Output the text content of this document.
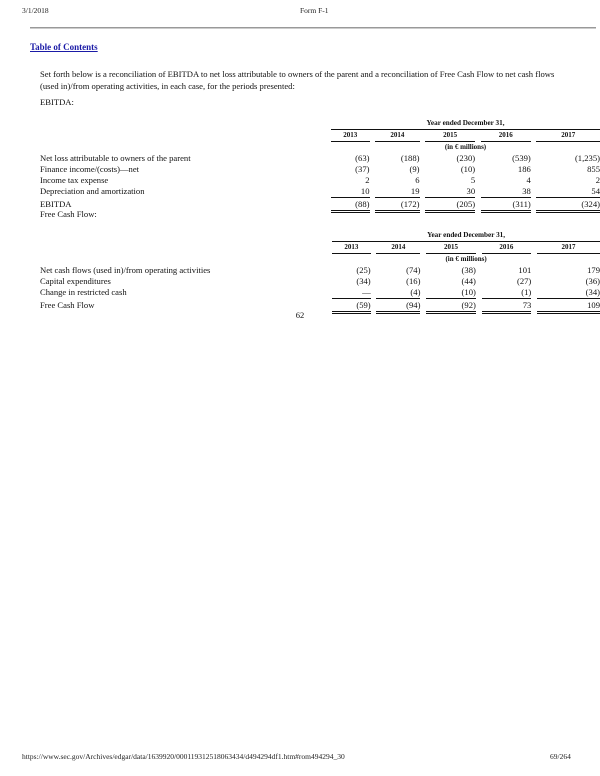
3/1/2018	Form F-1
Table of Contents
Set forth below is a reconciliation of EBITDA to net loss attributable to owners of the parent and a reconciliation of Free Cash Flow to net cash flows (used in)/from operating activities, in each case, for the periods presented:
EBITDA:
	Year ended December 31,								
	2013		2014		2015		2016		2017
	(in € millions)								
Net loss attributable to owners of the parent	(63)		(188)		(230)		(539)		(1,235)
Finance income/(costs)—net	(37)		(9)		(10)		186		855
Income tax expense	2		6		5		4		2
Depreciation and amortization	10		19		30		38		54
EBITDA	(88)		(172)		(205)		(311)		(324)
Free Cash Flow:
	Year ended December 31,								
	2013		2014		2015		2016		2017
	(in € millions)								
Net cash flows (used in)/from operating activities	(25)		(74)		(38)		101		179
Capital expenditures	(34)		(16)		(44)		(27)		(36)
Change in restricted cash	—		(4)		(10)		(1)		(34)
Free Cash Flow	(59)		(94)		(92)		73		109
62
https://www.sec.gov/Archives/edgar/data/1639920/000119312518063434/d494294df1.htm#rom494294_30	69/264
